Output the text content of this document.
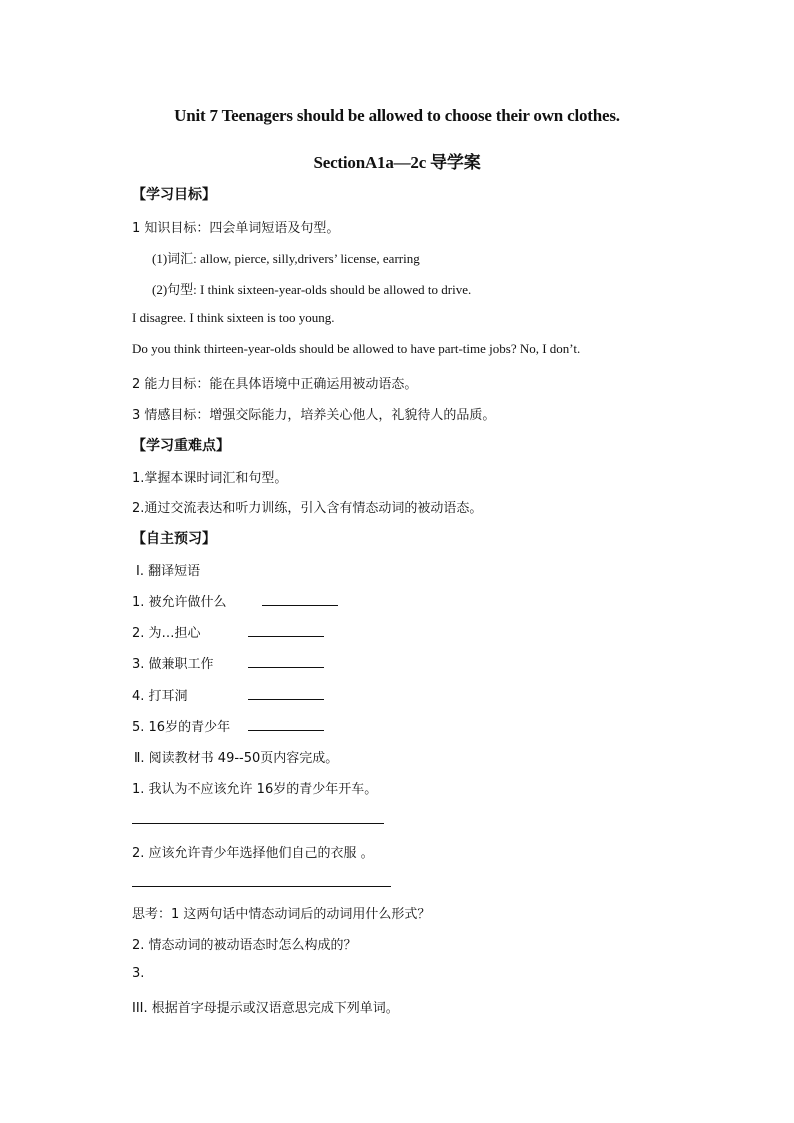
Unit 7 Teenagers should be allowed to choose their own clothes.
SectionA1a—2c 导学案
【学习目标】
1 知识目标：四会单词短语及句型。
(1)词汇: allow, pierce, silly,drivers’ license, earring
(2)句型: I think sixteen-year-olds should be allowed to drive.
I disagree. I think sixteen is too young.
Do you think thirteen-year-olds should be allowed to have part-time jobs? No, I don’t.
2 能力目标：能在具体语境中正确运用被动语态。
3 情感目标：增强交际能力，培养关心他人，礼貌待人的品质。
【学习重难点】
1.掌握本课时词汇和句型。
2.通过交流表达和听力训练，引入含有情态动词的被动语态。
【自主预习】
Ⅰ. 翻译短语
1. 被允许做什么
2. 为…担心
3. 做兼职工作
4. 打耳洞
5. 16岁的青少年
Ⅱ. 阅读教材书 49--50页内容完成。
1. 我认为不应该允许 16岁的青少年开车。
2. 应该允许青少年选择他们自己的衣服 。
思考：1 这两句话中情态动词后的动词用什么形式？
2. 情态动词的被动语态时怎么构成的？
3.
III. 根据首字母提示或汉语意思完成下列单词。
